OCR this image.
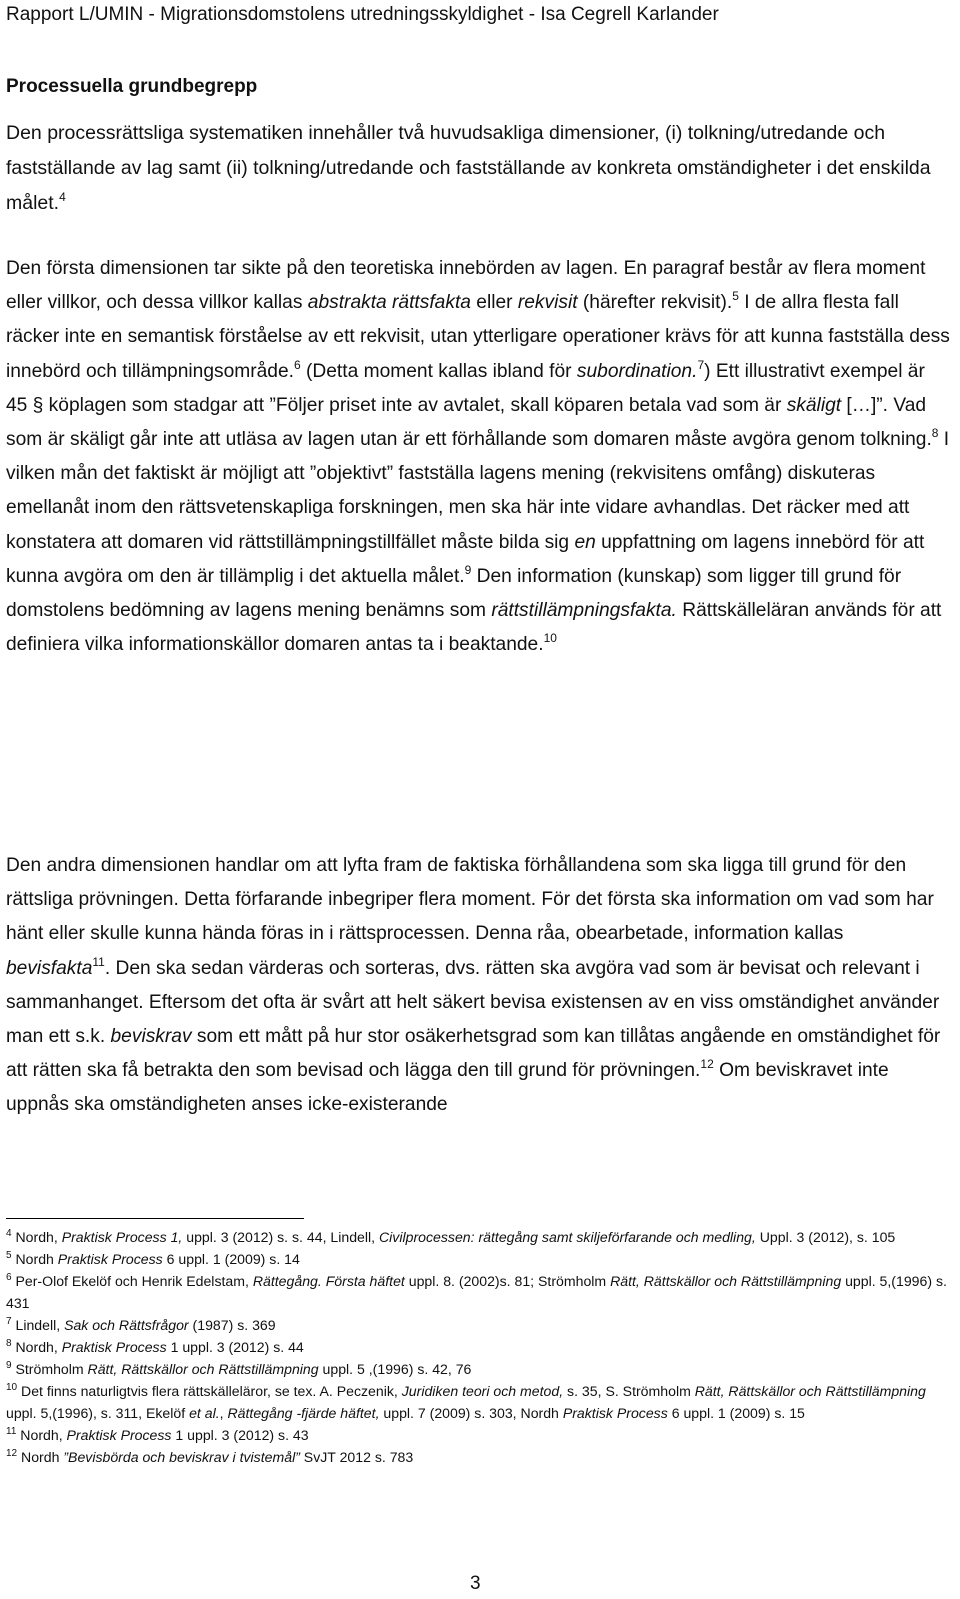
Rapport L/UMIN - Migrationsdomstolens utredningsskyldighet - Isa Cegrell Karlander
Processuella grundbegrepp

Den processrättsliga systematiken innehåller två huvudsakliga dimensioner, (i) tolkning/utredande och fastställande av lag samt (ii) tolkning/utredande och fastställande av konkreta omständigheter i det enskilda målet.$^4$

Den första dimensionen tar sikte på den teoretiska innebörden av lagen. En paragraf består av flera moment eller villkor, och dessa villkor kallas abstrakta rättsfakta eller rekvisit (härefter rekvisit).$^5$ I de allra flesta fall räcker inte en semantisk förståelse av ett rekvisit, utan ytterligare operationer krävs för att kunna fastställa dess innebörd och tillämpningsområde.$^6$ (Detta moment kallas ibland för subordination.$^7$) Ett illustrativt exempel är 45 § köplagen som stadgar att ”Följer priset inte av avtalet, skall köparen betala vad som är skäligt […]”. Vad som är skäligt går inte att utläsa av lagen utan är ett förhållande som domaren måste avgöra genom tolkning.$^8$ I vilken mån det faktiskt är möjligt att ”objektivt” fastställa lagens mening (rekvisitens omfång) diskuteras emellanåt inom den rättsvetenskapliga forskningen, men ska här inte vidare avhandlas. Det räcker med att konstatera att domaren vid rättstillämpningstillfället måste bilda sig en uppfattning om lagens innebörd för att kunna avgöra om den är tillämplig i det aktuella målet.$^9$ Den information (kunskap) som ligger till grund för domstolens bedömning av lagens mening benämns som rättstillämpningsfakta. Rättskälleläran används för att definiera vilka informationskällor domaren antas ta i beaktande.$^{10}$

Den andra dimensionen handlar om att lyfta fram de faktiska förhållandena som ska ligga till grund för den rättsliga prövningen. Detta förfarande inbegriper flera moment. För det första ska information om vad som har hänt eller skulle kunna hända föras in i rättsprocessen. Denna råa, obearbetade, information kallas bevisfakta$^{11}$. Den ska sedan värderas och sorteras, dvs. rätten ska avgöra vad som är bevisat och relevant i sammanhanget. Eftersom det ofta är svårt att helt säkert bevisa existensen av en viss omständighet använder man ett s.k. beviskrav som ett mått på hur stor osäkerhetsgrad som kan tillåtas angående en omständighet för att rätten ska få betrakta den som bevisad och lägga den till grund för prövningen.$^{12}$ Om beviskravet inte uppnås ska omständigheten anses icke-existerande

$^4$ Nordh, Praktisk Process 1, uppl. 3 (2012) s. s. 44, Lindell, Civilprocessen: rättegång samt skiljeförfarande och medling, Uppl. 3 (2012), s. 105

$^5$ Nordh Praktisk Process 6 uppl. 1 (2009) s. 14

$^6$ Per-Olof Ekelöf och Henrik Edelstam, Rättegång. Första häftet uppl. 8. (2002)s. 81; Strömholm Rätt, Rättskällor och Rättstillämpning uppl. 5,(1996) s. 431

$^7$ Lindell, Sak och Rättsfrågor (1987) s. 369

$^8$ Nordh, Praktisk Process 1 uppl. 3 (2012) s. 44

$^9$ Strömholm Rätt, Rättskällor och Rättstillämpning uppl. 5 ,(1996) s. 42, 76

$^{10}$ Det finns naturligtvis flera rättskälleläror, se tex. A. Peczenik, Juridiken teori och metod, s. 35, S. Strömholm Rätt, Rättskällor och Rättstillämpning uppl. 5,(1996), s. 311, Ekelöf et al., Rättegång -fjärde häftet, uppl. 7 (2009) s. 303, Nordh Praktisk Process 6 uppl. 1 (2009) s. 15

$^{11}$ Nordh, Praktisk Process 1 uppl. 3 (2012) s. 43

$^{12}$ Nordh ”Bevisbörda och beviskrav i tvistemål” SvJT 2012 s. 783

3
